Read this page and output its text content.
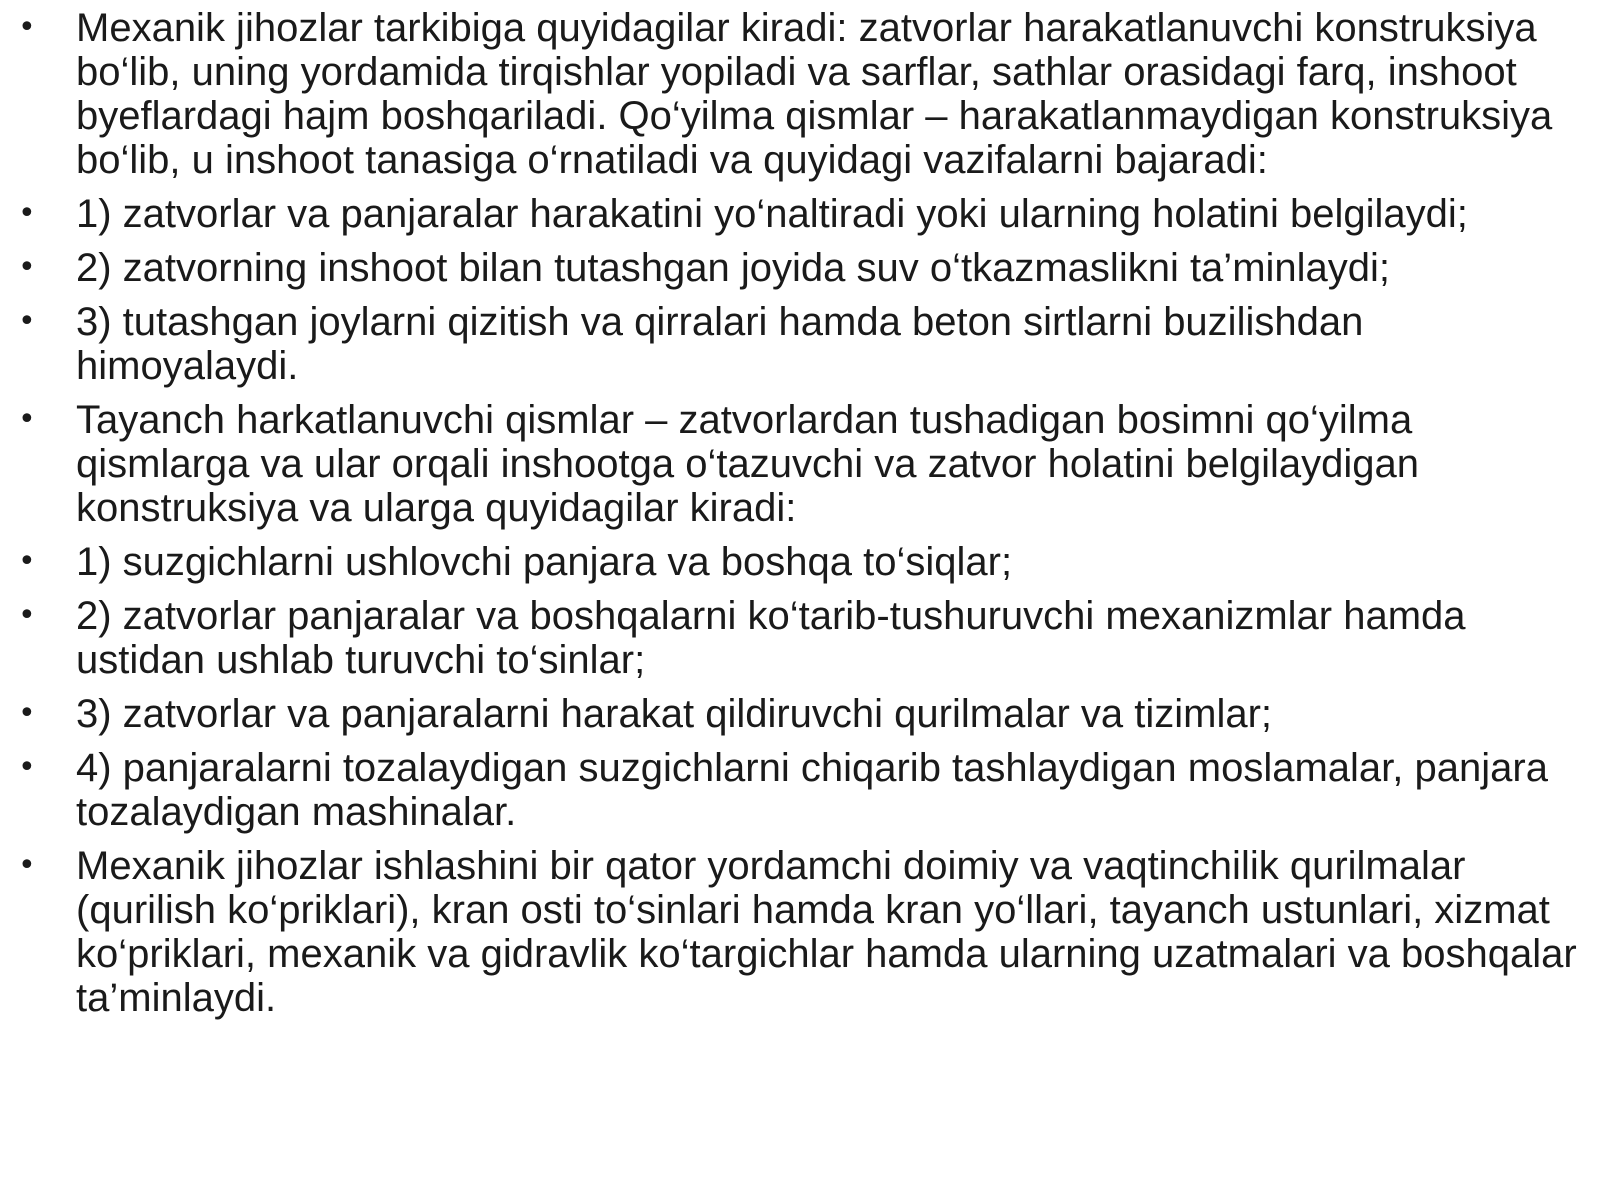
•	Mexanik jihozlar tarkibiga quyidagilar kiradi: zatvorlar harakatlanuvchi konstruksiya bo‘lib, uning yordamida tirqishlar yopiladi va sarflar, sathlar orasidagi farq, inshoot byeflardagi hajm boshqariladi. Qo‘yilma qismlar – harakatlanmaydigan konstruksiya bo‘lib, u inshoot tanasiga o‘rnatiladi va quyidagi vazifalarni bajaradi:
•	1) zatvorlar va panjaralar harakatini yo‘naltiradi yoki ularning holatini belgilaydi;
•	2) zatvorning inshoot bilan tutashgan joyida suv o‘tkazmaslikni ta’minlaydi;
•	3) tutashgan joylarni qizitish va qirralari hamda beton sirtlarni buzilishdan himoyalaydi.
•	Tayanch harkatlanuvchi qismlar – zatvorlardan tushadigan bosimni qo‘yilma qismlarga va ular orqali inshootga o‘tazuvchi va zatvor holatini belgilaydigan konstruksiya va ularga quyidagilar kiradi:
•	1) suzgichlarni ushlovchi panjara va boshqa to‘siqlar;
•	2) zatvorlar panjaralar va boshqalarni ko‘tarib-tushuruvchi mexanizmlar hamda ustidan ushlab turuvchi to‘sinlar;
•	3) zatvorlar va panjaralarni harakat qildiruvchi qurilmalar va tizimlar;
•	4) panjaralarni tozalaydigan suzgichlarni chiqarib tashlaydigan moslamalar, panjara tozalaydigan mashinalar.
•	Mexanik jihozlar ishlashini bir qator yordamchi doimiy va vaqtinchilik qurilmalar (qurilish ko‘priklari), kran osti to‘sinlari hamda kran yo‘llari, tayanch ustunlari, xizmat ko‘priklari, mexanik va gidravlik ko‘targichlar hamda ularning uzatmalari va boshqalar ta’minlaydi.
